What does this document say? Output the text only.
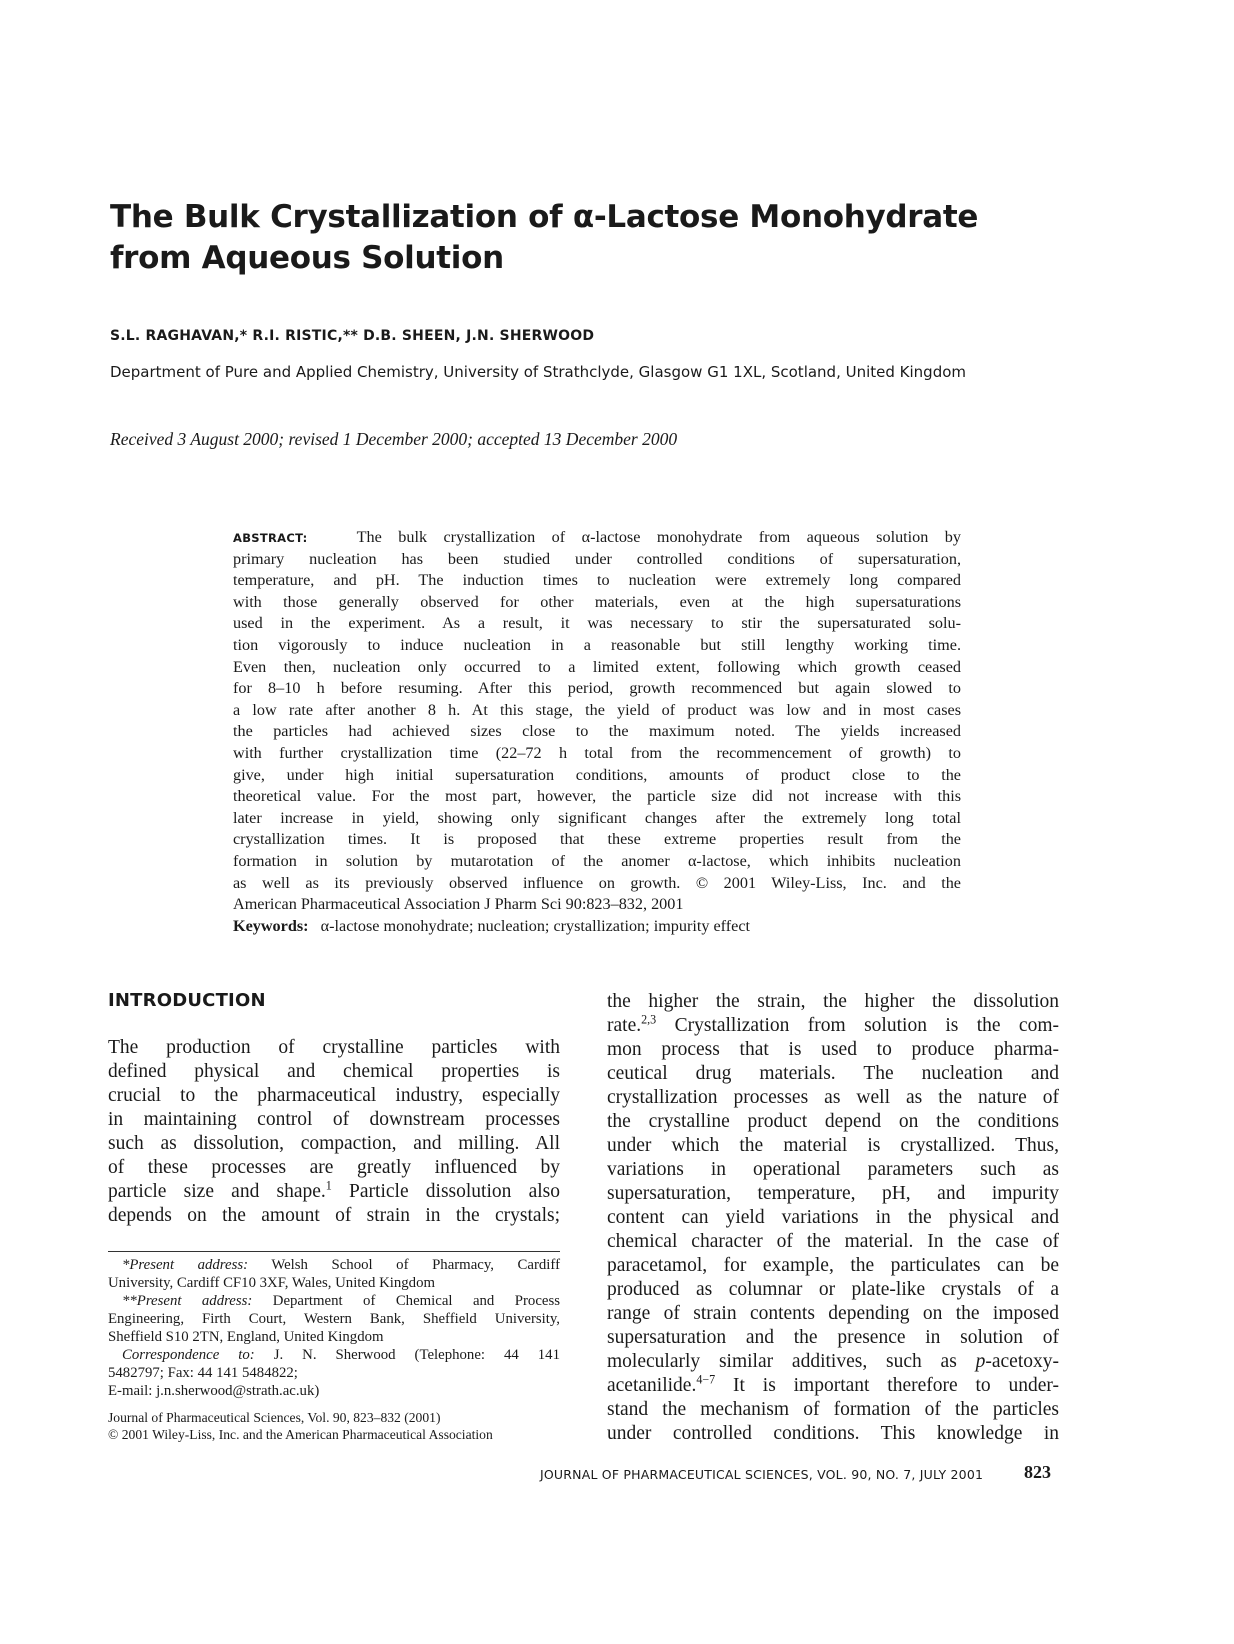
The Bulk Crystallization of α-Lactose Monohydrate
from Aqueous Solution
S.L. RAGHAVAN,* R.I. RISTIC,** D.B. SHEEN, J.N. SHERWOOD
Department of Pure and Applied Chemistry, University of Strathclyde, Glasgow G1 1XL, Scotland, United Kingdom
Received 3 August 2000; revised 1 December 2000; accepted 13 December 2000
ABSTRACT:	The bulk crystallization of α-lactose monohydrate from aqueous solution by
primary nucleation has been studied under controlled conditions of supersaturation,
temperature, and pH. The induction times to nucleation were extremely long compared
with those generally observed for other materials, even at the high supersaturations
used in the experiment. As a result, it was necessary to stir the supersaturated solu-
tion vigorously to induce nucleation in a reasonable but still lengthy working time.
Even then, nucleation only occurred to a limited extent, following which growth ceased
for 8–10 h before resuming. After this period, growth recommenced but again slowed to
a low rate after another 8 h. At this stage, the yield of product was low and in most cases
the particles had achieved sizes close to the maximum noted. The yields increased
with further crystallization time (22–72 h total from the recommencement of growth) to
give, under high initial supersaturation conditions, amounts of product close to the
theoretical value. For the most part, however, the particle size did not increase with this
later increase in yield, showing only significant changes after the extremely long total
crystallization times. It is proposed that these extreme properties result from the
formation in solution by mutarotation of the anomer α-lactose, which inhibits nucleation
as well as its previously observed influence on growth. © 2001 Wiley-Liss, Inc. and the
American Pharmaceutical Association J Pharm Sci 90:823–832, 2001
Keywords: α-lactose monohydrate; nucleation; crystallization; impurity effect
INTRODUCTION
The production of crystalline particles with
defined physical and chemical properties is
crucial to the pharmaceutical industry, especially
in maintaining control of downstream processes
such as dissolution, compaction, and milling. All
of these processes are greatly influenced by
particle size and shape.$^1$ Particle dissolution also
depends on the amount of strain in the crystals;
the higher the strain, the higher the dissolution
rate.$^{2,3}$ Crystallization from solution is the com-
mon process that is used to produce pharma-
ceutical drug materials. The nucleation and
crystallization processes as well as the nature of
the crystalline product depend on the conditions
under which the material is crystallized. Thus,
variations in operational parameters such as
supersaturation, temperature, pH, and impurity
content can yield variations in the physical and
chemical character of the material. In the case of
paracetamol, for example, the particulates can be
produced as columnar or plate-like crystals of a
range of strain contents depending on the imposed
supersaturation and the presence in solution of
molecularly similar additives, such as p-acetoxy-
acetanilide.$^{4-7}$ It is important therefore to under-
stand the mechanism of formation of the particles
under controlled conditions. This knowledge in
*Present address: Welsh School of Pharmacy, Cardiff
University, Cardiff CF10 3XF, Wales, United Kingdom
**Present address: Department of Chemical and Process
Engineering, Firth Court, Western Bank, Sheffield University,
Sheffield S10 2TN, England, United Kingdom
Correspondence to: J. N. Sherwood (Telephone: 44 141
5482797; Fax: 44 141 5484822;
E-mail: j.n.sherwood@strath.ac.uk)
Journal of Pharmaceutical Sciences, Vol. 90, 823–832 (2001)
© 2001 Wiley-Liss, Inc. and the American Pharmaceutical Association
JOURNAL OF PHARMACEUTICAL SCIENCES, VOL. 90, NO. 7, JULY 2001	823
